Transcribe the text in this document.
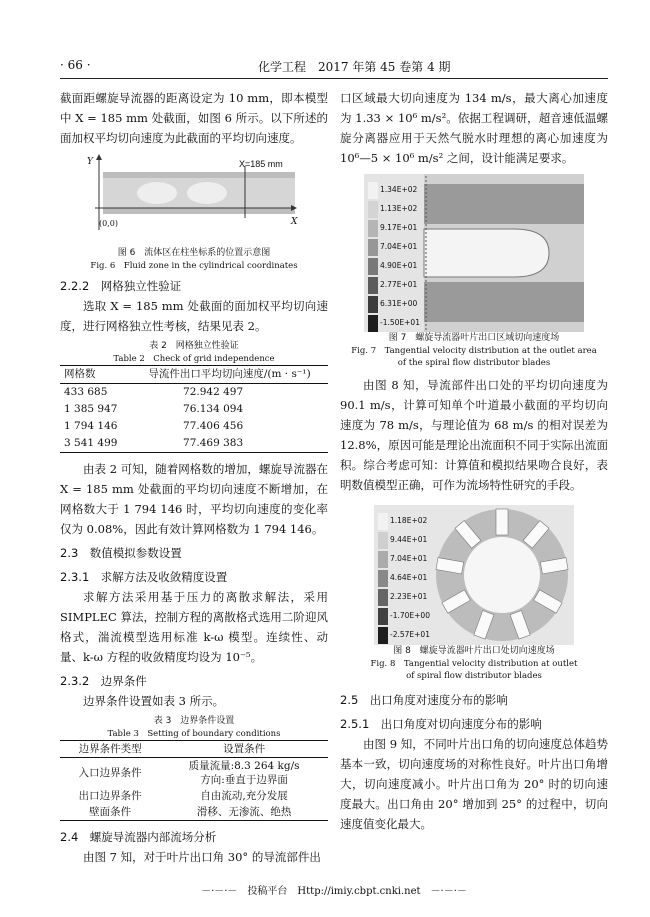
· 66 ·	化学工程　2017 年第 45 卷第 4 期

截面距螺旋导流器的距离设定为 10 mm，即本模型中 X = 185 mm 处截面，如图 6 所示。以下所述的面加权平均切向速度为此截面的平均切向速度。

X=185 mm
Y
X
(0,0)

图 6　流体区在柱坐标系的位置示意图

Fig. 6　Fluid zone in the cylindrical coordinates

2.2.2　网格独立性验证

选取 X = 185 mm 处截面的面加权平均切向速度，进行网格独立性考核，结果见表 2。

表 2　网格独立性验证

Table 2　Check of grid independence

网格数	导流件出口平均切向速度/(m · s⁻¹)
433 685	72.942 497
1 385 947	76.134 094
1 794 146	77.406 456
3 541 499	77.469 383

由表 2 可知，随着网格数的增加，螺旋导流器在 X = 185 mm 处截面的平均切向速度不断增加，在网格数大于 1 794 146 时，平均切向速度的变化率仅为 0.08%，因此有效计算网格数为 1 794 146。

2.3　数值模拟参数设置

2.3.1　求解方法及收敛精度设置

求解方法采用基于压力的离散求解法，采用 SIMPLEC 算法，控制方程的离散格式选用二阶迎风格式，湍流模型选用标准 k-ω 模型。连续性、动量、k-ω 方程的收敛精度均设为 10⁻⁵。

2.3.2　边界条件

边界条件设置如表 3 所示。

表 3　边界条件设置

Table 3　Setting of boundary conditions

边界条件类型	设置条件
入口边界条件	质量流量:8.3 264 kg/s
方向:垂直于边界面
出口边界条件	自由流动,充分发展
壁面条件	滑移、无渗流、绝热

2.4　螺旋导流器内部流场分析

由图 7 知，对于叶片出口角 30° 的导流部件出

口区域最大切向速度为 134 m/s，最大离心加速度为 1.33 × 10⁶ m/s²。依据工程调研，超音速低温螺旋分离器应用于天然气脱水时理想的离心加速度为 10⁶—5 × 10⁶ m/s² 之间，设计能满足要求。

1.34E+02
1.13E+02
9.17E+01
7.04E+01
4.90E+01
2.77E+01
6.31E+00
-1.50E+01

图 7　螺旋导流器叶片出口区域切向速度场

Fig. 7　Tangential velocity distribution at the outlet area

of the spiral flow distributor blades

由图 8 知，导流部件出口处的平均切向速度为 90.1 m/s，计算可知单个叶道最小截面的平均切向速度为 78 m/s，与理论值为 68 m/s 的相对误差为 12.8%，原因可能是理论出流面积不同于实际出流面积。综合考虑可知：计算值和模拟结果吻合良好，表明数值模型正确，可作为流场特性研究的手段。

1.18E+02
9.44E+01
7.04E+01
4.64E+01
2.23E+01
-1.70E+00
-2.57E+01

图 8　螺旋导流器叶片出口处切向速度场

Fig. 8　Tangential velocity distribution at outlet

of spiral flow distributor blades

2.5　出口角度对速度分布的影响

2.5.1　出口角度对切向速度分布的影响

由图 9 知，不同叶片出口角的切向速度总体趋势基本一致，切向速度场的对称性良好。叶片出口角增大，切向速度减小。叶片出口角为 20° 时的切向速度最大。出口角由 20° 增加到 25° 的过程中，切向速度值变化最大。

－·－·－　投稿平台　Http://imiy.cbpt.cnki.net　－·－·－
